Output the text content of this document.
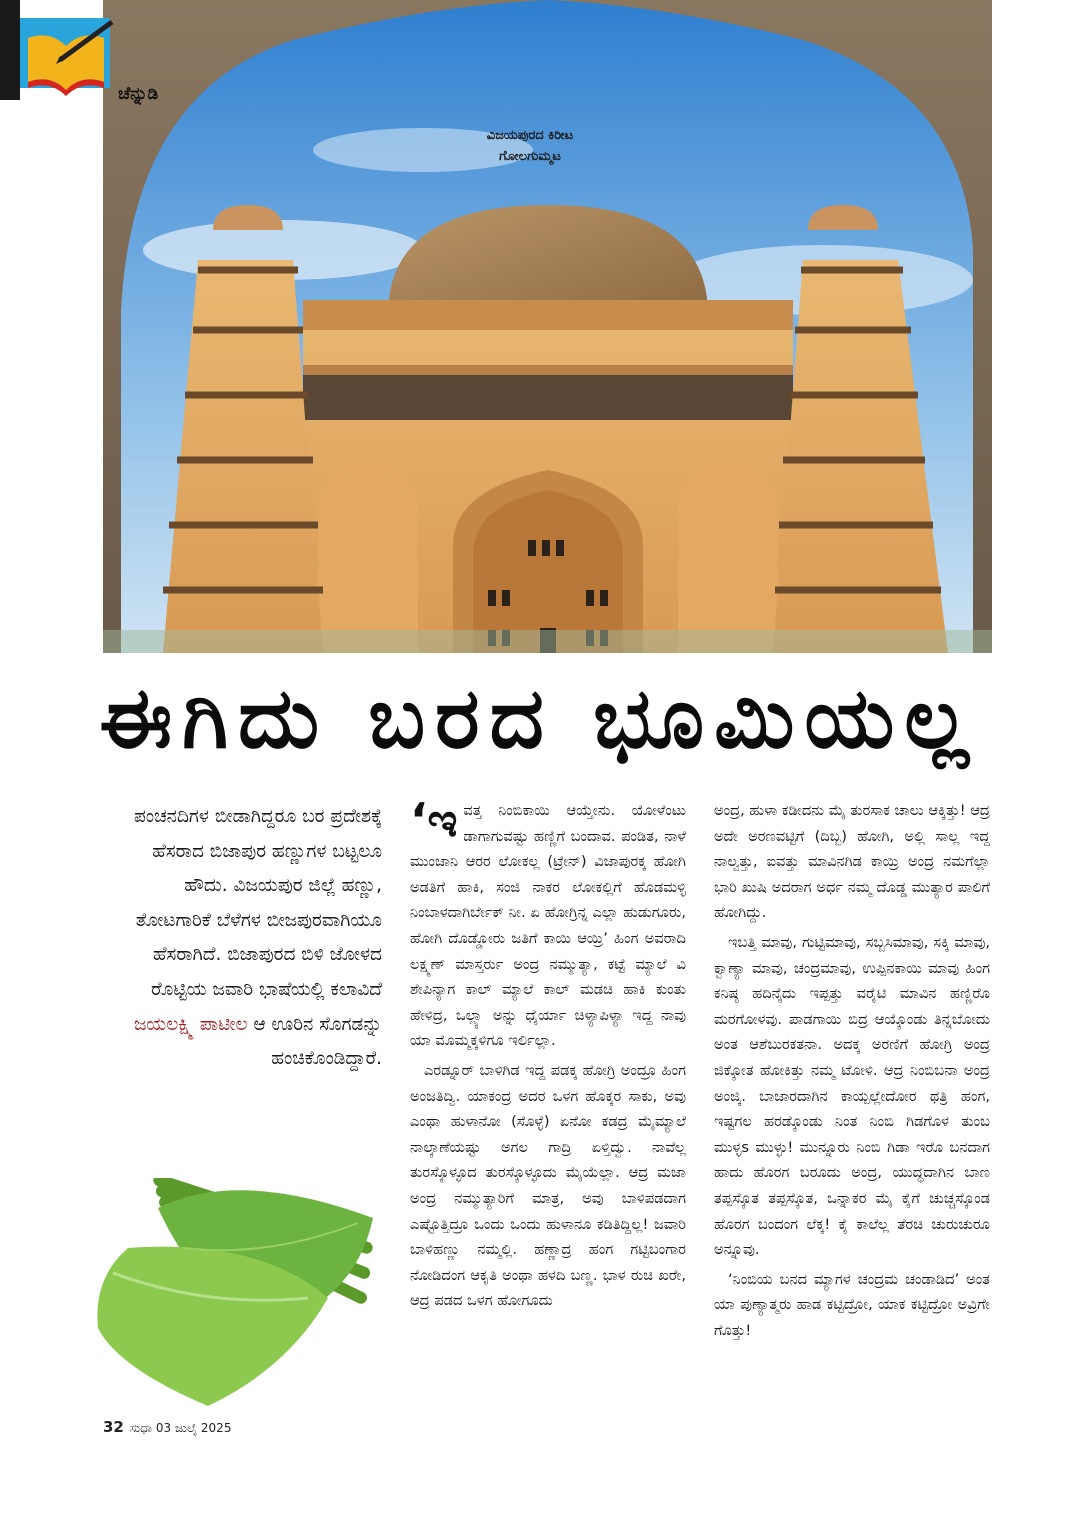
ಚೆನ್ನುಡಿ
ವಿಜಯಪುರದ ಕಿರೀಟ
ಗೋಲಗುಮ್ಮಟ
ಈಗಿದು ಬರದ ಭೂಮಿಯಲ್ಲ
ಪಂಚನದಿಗಳ ಬೀಡಾಗಿದ್ದರೂ ಬರ ಪ್ರದೇಶಕ್ಕೆ ಹೆಸರಾದ ಬಿಜಾಪುರ ಹಣ್ಣುಗಳ ಬಟ್ಟಲೂ ಹೌದು. ವಿಜಯಪುರ ಜಿಲ್ಲೆ ಹಣ್ಣು, ತೋಟಗಾರಿಕೆ ಬೆಳೆಗಳ ಬೀಜಪುರವಾಗಿಯೂ ಹೆಸರಾಗಿದೆ. ಬಿಜಾಪುರದ ಬಿಳಿ ಜೋಳದ ರೊಟ್ಟಿಯ ಜವಾರಿ ಭಾಷೆಯಲ್ಲಿ ಕಲಾವಿದೆ ಜಯಲಕ್ಷ್ಮಿ ಪಾಟೀಲ ಆ ಊರಿನ ಸೊಗಡನ್ನು ಹಂಚಿಕೊಂಡಿದ್ದಾರೆ.

‘ಇವತ್ತ ನಿಂಬಿಕಾಯಿ ಆಯ್ತೇನು. ಯೋಳೆಂಟು ಡಾಗಾಗುವಷ್ಟು ಹಣ್ಣಿಗೆ ಬಂದಾವ. ಪಂಡಿತ, ನಾಳೆ ಮುಂಜಾನಿ ಆರರ ಲೋಕಲ್ಲ (ಟ್ರೇನ್) ವಿಜಾಪುರಕ್ಕ ಹೋಗಿ ಅಡತಿಗೆ ಹಾಕಿ, ಸಂಜಿ ನಾಕರ ಲೋಕಲ್ಲಿಗೆ ಹೊಡಮಳ್ಳಿ ನಿಂಬಾಳದಾಗಿರ್ಬೇಕ್ ನೀ. ಏ ಹೋಗ್ರಿನ್ನ ಎಲ್ಲಾ ಹುಡುಗೂರು, ಹೋಗಿ ದೊಡ್ಡೋರು ಜತಿಗೆ ಕಾಯಿ ಆಯ್ರಿ’ ಹಿಂಗ ಅವರಾದಿ ಲಕ್ಷ್ಮಣ್ ಮಾಸ್ತರ್ರು ಅಂದ್ರ ನಮ್ಮುತ್ಯಾ, ಕಟ್ಟೆ ಮ್ಯಾಲೆ ವಿ ಶೇಪಿನ್ಯಾಗ ಕಾಲ್ ಮ್ಯಾಲೆ ಕಾಲ್ ಮಡಚಿ ಹಾಕಿ ಕುಂತು ಹೇಳಿದ್ರ, ಒಲ್ಲ್ಯಾ ಅನ್ನು ಧೈರ್ಯಾ ಚಿಳ್ಯಾಪಿಳ್ಯಾ ಇದ್ದ ನಾವು ಯಾ ಮೊಮ್ಮಕ್ಕಳಿಗೂ ಇರ್ಲಿಲ್ಲಾ.

ಎರಡ್ನೂರ್ ಬಾಳಿಗಿಡ ಇದ್ದ ಪಡಕ್ಕ ಹೋಗ್ರಿ ಅಂದ್ರೂ ಹಿಂಗ ಅಂಜತಿದ್ವಿ. ಯಾಕಂದ್ರ ಅದರ ಒಳಗ ಹೊಕ್ಕರ ಸಾಕು, ಅವು ಎಂಥಾ ಹುಳಾನೋ (ಸೊಳ್ಳೆ) ಏನೋ ಕಡದ್ರ ಮೈಮ್ಯಾಲೆ ನಾಲ್ಕಾಣೆಯಷ್ಟು ಅಗಲ ಗಾದ್ರಿ ಏಳ್ತಿದ್ವು. ನಾವೆಲ್ಲ ತುರಸ್ಕೊಳ್ಳೂದ ತುರಸ್ಕೊಳ್ಳೂದು ಮೈಯೆಲ್ಲಾ. ಆದ್ರ ಮಜಾ ಅಂದ್ರ ನಮ್ಮುತ್ಯಾರಿಗೆ ಮಾತ್ರ, ಅವು ಬಾಳಿಪಡದಾಗ ಎಷ್ಟೊತ್ತಿದ್ರೂ ಒಂದು ಒಂದು ಹುಳಾನೂ ಕಡಿತಿದ್ದಿಲ್ಲ! ಜವಾರಿ ಬಾಳಿಹಣ್ಣು ನಮ್ಮಲ್ಲಿ. ಹಣ್ಣಾದ್ರ ಹಂಗ ಗಟ್ಟಿಬಂಗಾರ ನೋಡಿದಂಗ ಆಕೃತಿ ಅಂಥಾ ಹಳದಿ ಬಣ್ಣ. ಭಾಳ ರುಚಿ ಖರೇ, ಆದ್ರ ಪಡದ ಒಳಗ ಹೋಗೂದು

ಅಂದ್ರ, ಹುಳಾ ಕಡೀದನು ಮೈ ತುರಸಾಕ ಚಾಲು ಆಕ್ಕಿತ್ತು! ಆದ್ರ ಅದೇ ಅರಣವಟ್ಟಿಗೆ (ದಿಬ್ಬ) ಹೋಗಿ, ಅಲ್ಲಿ ಸಾಲ್ಲ ಇದ್ದ ನಾಲ್ವತ್ತು, ಐವತ್ತು ಮಾವಿನಗಿಡ ಕಾಯ್ರಿ ಅಂದ್ರ ನಮಗೆಲ್ಲಾ ಭಾರಿ ಖುಷಿ ಅದರಾಗ ಅರ್ಧ ನಮ್ಮ ದೊಡ್ಡ ಮುತ್ಯಾರ ಪಾಲಿಗೆ ಹೋಗಿದ್ದು.

ಇಬತ್ತಿ ಮಾವು, ಗುಟ್ಟಿಮಾವು, ಸಬ್ಬಸಿಮಾವು, ಸಕ್ಕಿ ಮಾವು, ಕ್ವಾಣ್ಯಾ ಮಾವು, ಚಂದ್ರಮಾವು, ಉಪ್ಪಿನಕಾಯಿ ಮಾವು ಹಿಂಗ ಕನಿಷ್ಠ ಹದಿನೈದು ಇಪ್ಪತ್ತು ವರೈಟಿ ಮಾವಿನ ಹಣ್ಣಿರೊ ಮರಗೋಳವು. ಪಾಡಗಾಯಿ ಬಿದ್ರ ಆಯ್ಕೊಂಡು ತಿನ್ನಬೋದು ಅಂತ ಆಶೆಬುರಕತನಾ. ಅದಕ್ಕ ಅರಣಿಗೆ ಹೋಗ್ರಿ ಅಂದ್ರ ಜಿಕ್ಕೋತ ಹೋಕಿತ್ತು ನಮ್ಮ ಟೋಳಿ. ಆದ್ರ ನಿಂಬಿಬನಾ ಅಂದ್ರ ಅಂಜ್ಕಿ. ಬಾಜಾರದಾಗಿನ ಕಾಯ್ಪಲ್ಲೇದೋರ ಥತ್ರಿ ಹಂಗ, ಇಷ್ಟಗಲ ಹರಡ್ಕೊಂಡು ನಿಂತ ನಿಂಬಿ ಗಿಡಗೊಳ ತುಂಬ ಮುಳ್ಳs ಮುಳ್ಳು! ಮುನ್ನೂರು ನಿಂಬಿ ಗಿಡಾ ಇರೊ ಬನದಾಗ ಹಾದು ಹೊರಗ ಬರೂದು ಅಂದ್ರ, ಯುದ್ಧದಾಗಿನ ಬಾಣ ತಪ್ಪಸ್ಕೊತ ತಪ್ಪಸ್ಕೊತ, ಒನ್ನಾಕರ ಮೈ ಕೈಗೆ ಚುಚ್ಚಸ್ಕೊಂಡ ಹೊರಗ ಬಂದಂಗ ಲೆಕ್ಕ! ಕೈ ಕಾಲೆಲ್ಲ ತೆರಚಿ ಚುರುಚುರೂ ಅನ್ನೂವು.

‘ನಿಂಬಿಯ ಬನದ ಮ್ಯಾಗಳ ಚಂದ್ರಮ ಚಂಡಾಡಿದ’ ಅಂತ ಯಾ ಪುಣ್ಯಾತ್ಮರು ಹಾಡ ಕಟ್ಟಿದ್ರೋ, ಯಾಕ ಕಟ್ಟಿದ್ರೋ ಅವ್ರಿಗೇ ಗೊತ್ತು!

32 ಸುಧಾ 03 ಜುಲೈ 2025
